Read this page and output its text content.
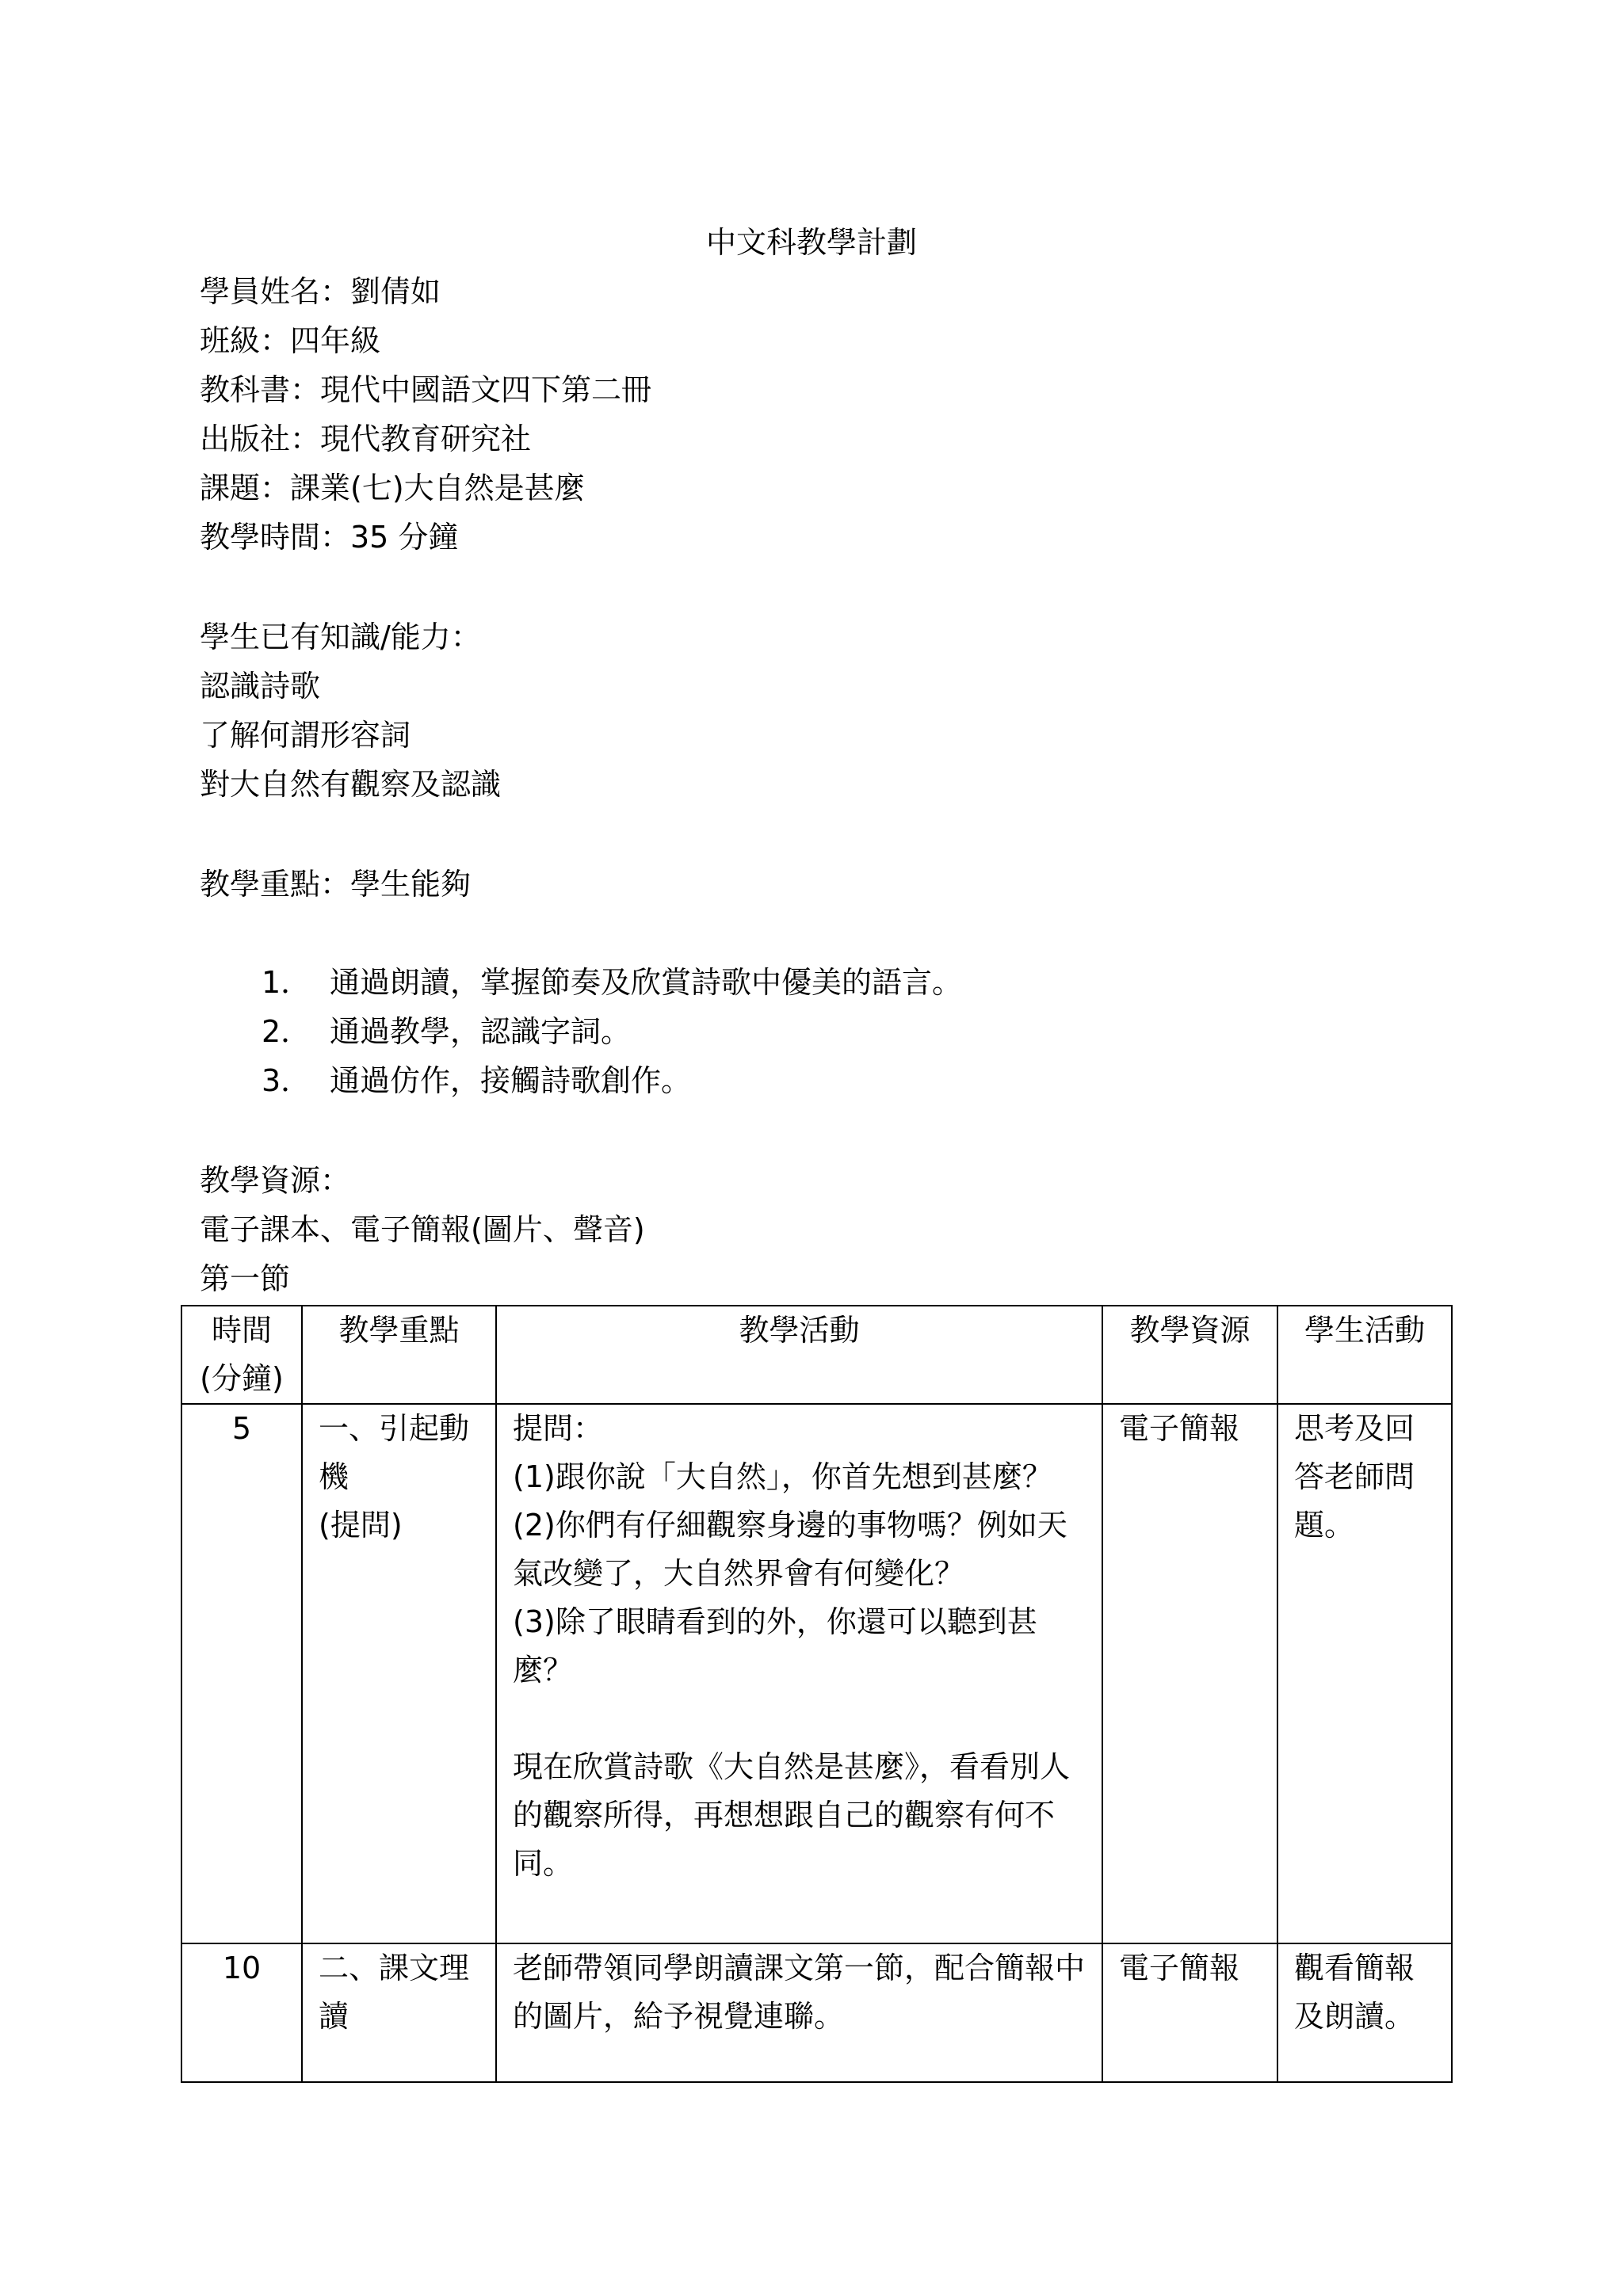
中文科教學計劃
學員姓名：劉倩如
班級：四年級
教科書：現代中國語文四下第二冊
出版社：現代教育研究社
課題：課業(七)大自然是甚麼
教學時間：35 分鐘
學生已有知識/能力：
認識詩歌
了解何謂形容詞
對大自然有觀察及認識
教學重點：學生能夠
1． 通過朗讀，掌握節奏及欣賞詩歌中優美的語言。
2． 通過教學，認識字詞。
3． 通過仿作，接觸詩歌創作。
教學資源：
電子課本、電子簡報(圖片、聲音)
第一節
時間
(分鐘)	教學重點	教學活動	教學資源	學生活動

5	一、引起動機
(提問)	提問：
(1)跟你說「大自然」，你首先想到甚麼？
(2)你們有仔細觀察身邊的事物嗎？例如天氣改變了，大自然界會有何變化？
(3)除了眼睛看到的外，你還可以聽到甚麼？

現在欣賞詩歌《大自然是甚麼》，看看別人的觀察所得，再想想跟自己的觀察有何不同。	電子簡報	思考及回答老師問題。

10	二、課文理讀	老師帶領同學朗讀課文第一節，配合簡報中的圖片，給予視覺連聯。	電子簡報	觀看簡報及朗讀。
